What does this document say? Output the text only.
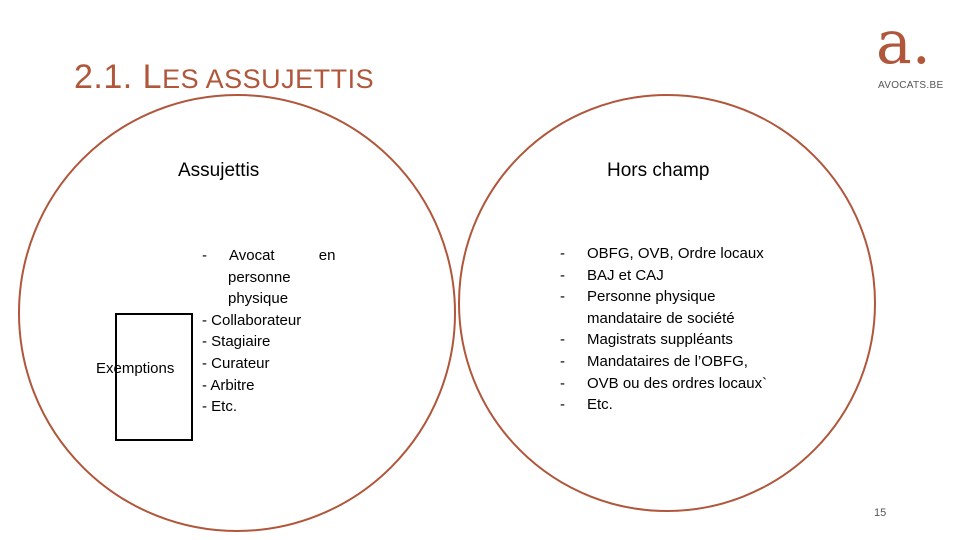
2.1. LES ASSUJETTIS
a.
AVOCATS.BE
Assujettis	Hors champ
Exemptions
-	Avocat en
personne
physique
- Collaborateur
- Stagiaire
- Curateur
- Arbitre
- Etc.
-	OBFG, OVB, Ordre locaux
-	BAJ et CAJ
-	Personne physique
mandataire de société
-	Magistrats suppléants
-	Mandataires de l’OBFG,
-	OVB ou des ordres locaux`
-	Etc.
15
